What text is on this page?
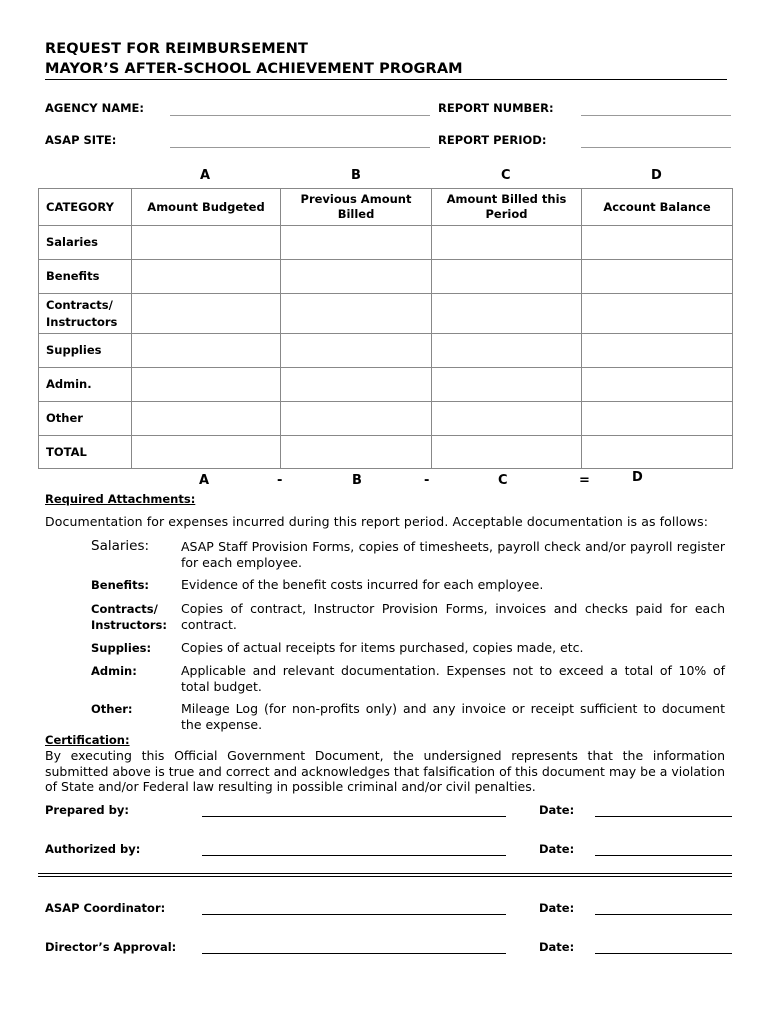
REQUEST FOR REIMBURSEMENT
MAYOR’S AFTER-SCHOOL ACHIEVEMENT PROGRAM
AGENCY NAME:	REPORT NUMBER:
ASAP SITE:	REPORT PERIOD:
A	B	C	D
CATEGORY	Amount Budgeted	Previous Amount Billed	Amount Billed this Period	Account Balance
Salaries				
Benefits				
Contracts/ Instructors				
Supplies				
Admin.				
Other				
TOTAL				
A	-	B	-	C	=	D
Required Attachments:
Documentation for expenses incurred during this report period. Acceptable documentation is as follows:
Salaries:	ASAP Staff Provision Forms, copies of timesheets, payroll check and/or payroll register for each employee.
Benefits:	Evidence of the benefit costs incurred for each employee.
Contracts/ Instructors:
Copies of contract, Instructor Provision Forms, invoices and checks paid for each contract.
Supplies: Copies of actual receipts for items purchased, copies made, etc.
Admin:	Applicable and relevant documentation. Expenses not to exceed a total of 10% of total budget.
Other:	Mileage Log (for non-profits only) and any invoice or receipt sufficient to document the expense.
Certification:
By executing this Official Government Document, the undersigned represents that the information submitted above is true and correct and acknowledges that falsification of this document may be a violation of State and/or Federal law resulting in possible criminal and/or civil penalties.
Prepared by:	Date:
Authorized by:	Date:
ASAP Coordinator:	Date:
Director’s Approval:	Date:
